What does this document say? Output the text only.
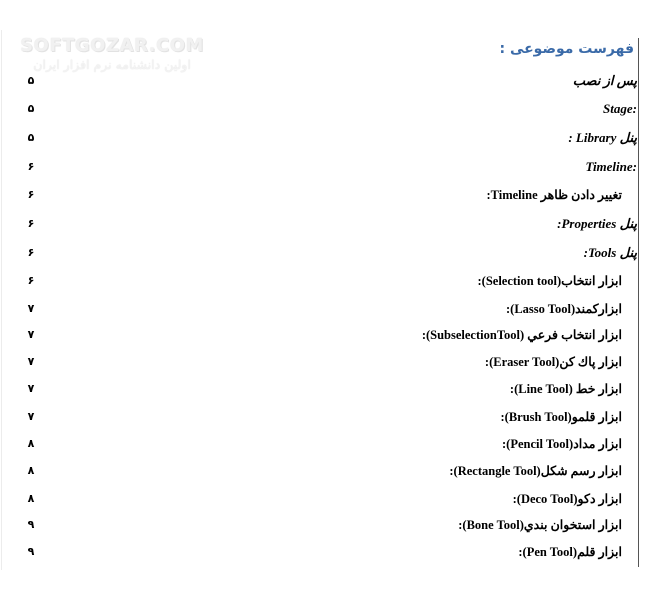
SOFTGOZAR.COM
اولین دانشنامه نرم افزار ایران
فهرست موضوعی :
پس از نصب
۵
Stage:
۵
پنل Library :
۵
Timeline:
۶
تغییر دادن ظاهر Timeline:
۶
پنل Properties:
۶
پنل Tools:
۶
ابزار انتخاب(Selection tool):
۶
ابزارکمند(Lasso Tool):
۷
ابزار انتخاب فرعي (SubselectionTool):
۷
ابزار پاك كن(Eraser Tool):
۷
ابزار خط (Line Tool):
۷
ابزار قلمو(Brush Tool):
۷
ابزار مداد(Pencil Tool):
۸
ابزار رسم شكل(Rectangle Tool):
۸
ابزار دكو(Deco Tool):
۸
ابزار استخوان بندي(Bone Tool):
۹
ابزار قلم(Pen Tool):
۹
